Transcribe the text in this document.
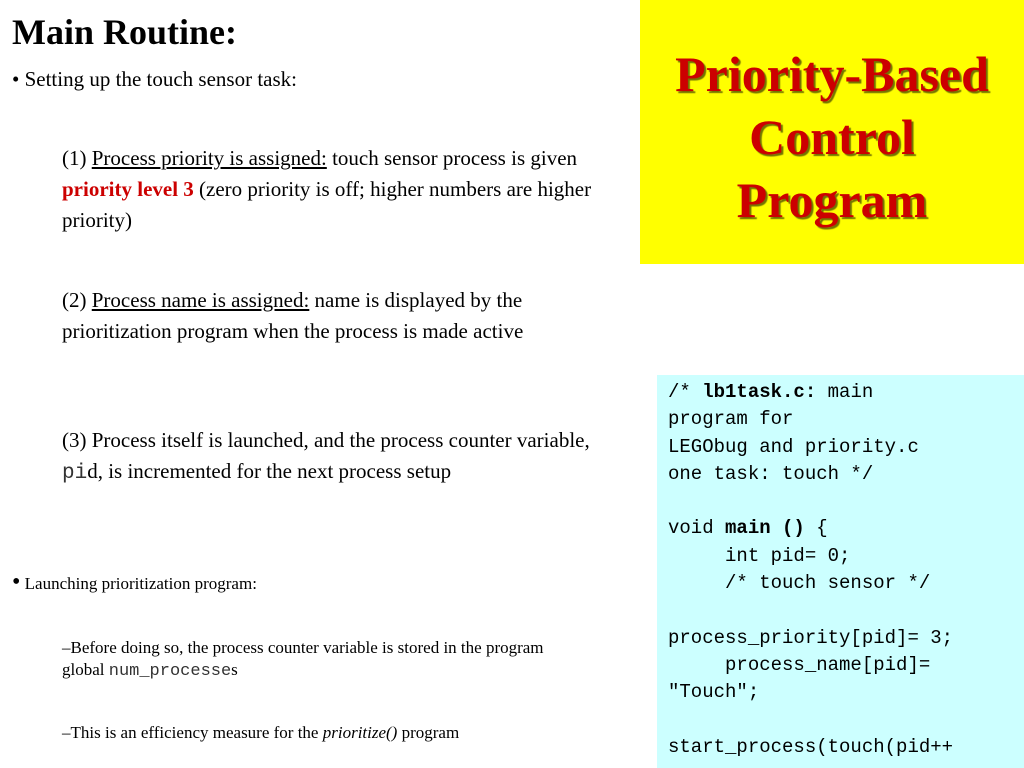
Main Routine:
• Setting up the touch sensor task:
(1) Process priority is assigned: touch sensor process is given priority level 3 (zero priority is off; higher numbers are higher priority)
(2) Process name is assigned: name is displayed by the prioritization program when the process is made active
(3) Process itself is launched, and the process counter variable, pid, is incremented for the next process setup
• Launching prioritization program:
–Before doing so, the process counter variable is stored in the program global num_processes
–This is an efficiency measure for the prioritize() program
Priority-Based
Control
Program
/* lb1task.c: main
program for
LEGObug and priority.c
one task: touch */
void main () {
int pid= 0;
/* touch sensor */
process_priority[pid]= 3;
process_name[pid]=
"Touch";
start_process(touch(pid++
